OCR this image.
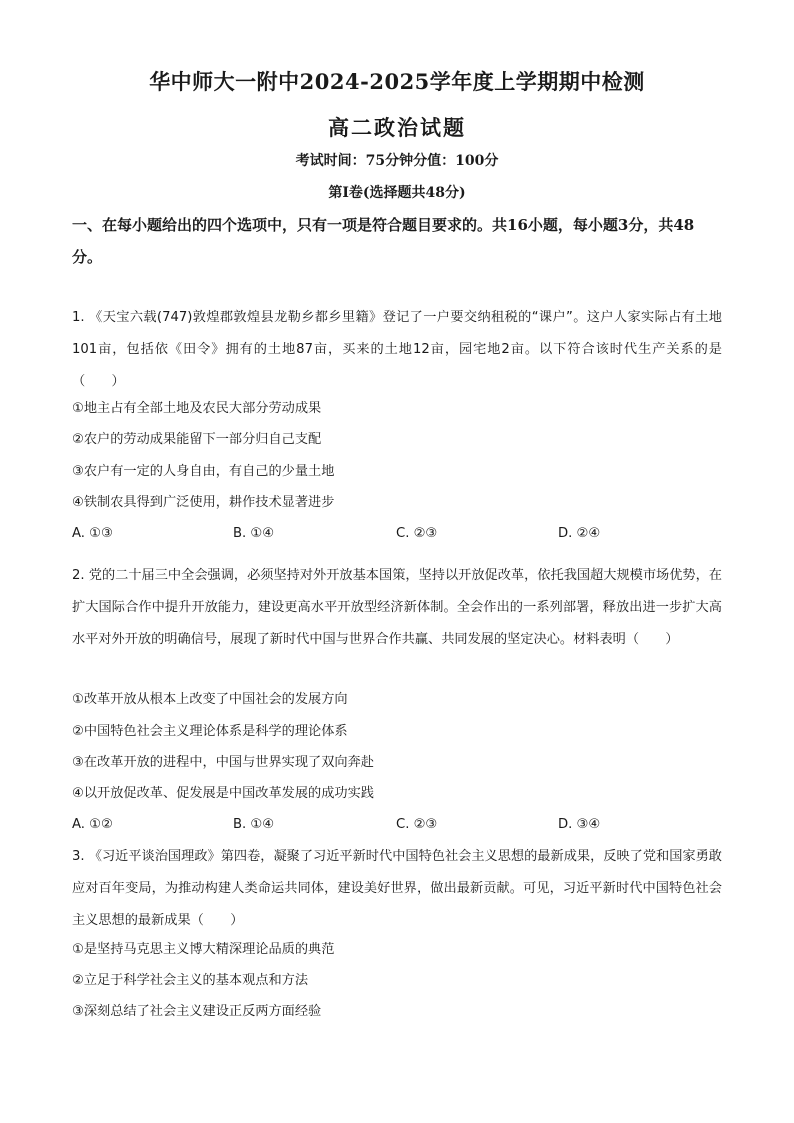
华中师大一附中2024-2025学年度上学期期中检测
高二政治试题
考试时间：75分钟分值：100分
第Ⅰ卷(选择题共48分)
一、在每小题给出的四个选项中，只有一项是符合题目要求的。共16小题，每小题3分，共48分。
1. 《天宝六载(747)敦煌郡敦煌县龙勒乡都乡里籍》登记了一户要交纳租税的“课户”。这户人家实际占有土地101亩，包括依《田令》拥有的土地87亩，买来的土地12亩，园宅地2亩。以下符合该时代生产关系的是（　　）
①地主占有全部土地及农民大部分劳动成果
②农户的劳动成果能留下一部分归自己支配
③农户有一定的人身自由，有自己的少量土地
④铁制农具得到广泛使用，耕作技术显著进步
A. ①③	B. ①④	C. ②③	D. ②④
2. 党的二十届三中全会强调，必须坚持对外开放基本国策，坚持以开放促改革，依托我国超大规模市场优势，在扩大国际合作中提升开放能力，建设更高水平开放型经济新体制。全会作出的一系列部署，释放出进一步扩大高水平对外开放的明确信号，展现了新时代中国与世界合作共赢、共同发展的坚定决心。材料表明（　　）
①改革开放从根本上改变了中国社会的发展方向
②中国特色社会主义理论体系是科学的理论体系
③在改革开放的进程中，中国与世界实现了双向奔赴
④以开放促改革、促发展是中国改革发展的成功实践
A. ①②	B. ①④	C. ②③	D. ③④
3. 《习近平谈治国理政》第四卷，凝聚了习近平新时代中国特色社会主义思想的最新成果，反映了党和国家勇敢应对百年变局，为推动构建人类命运共同体，建设美好世界，做出最新贡献。可见，习近平新时代中国特色社会主义思想的最新成果（　　）
①是坚持马克思主义博大精深理论品质的典范
②立足于科学社会主义的基本观点和方法
③深刻总结了社会主义建设正反两方面经验
